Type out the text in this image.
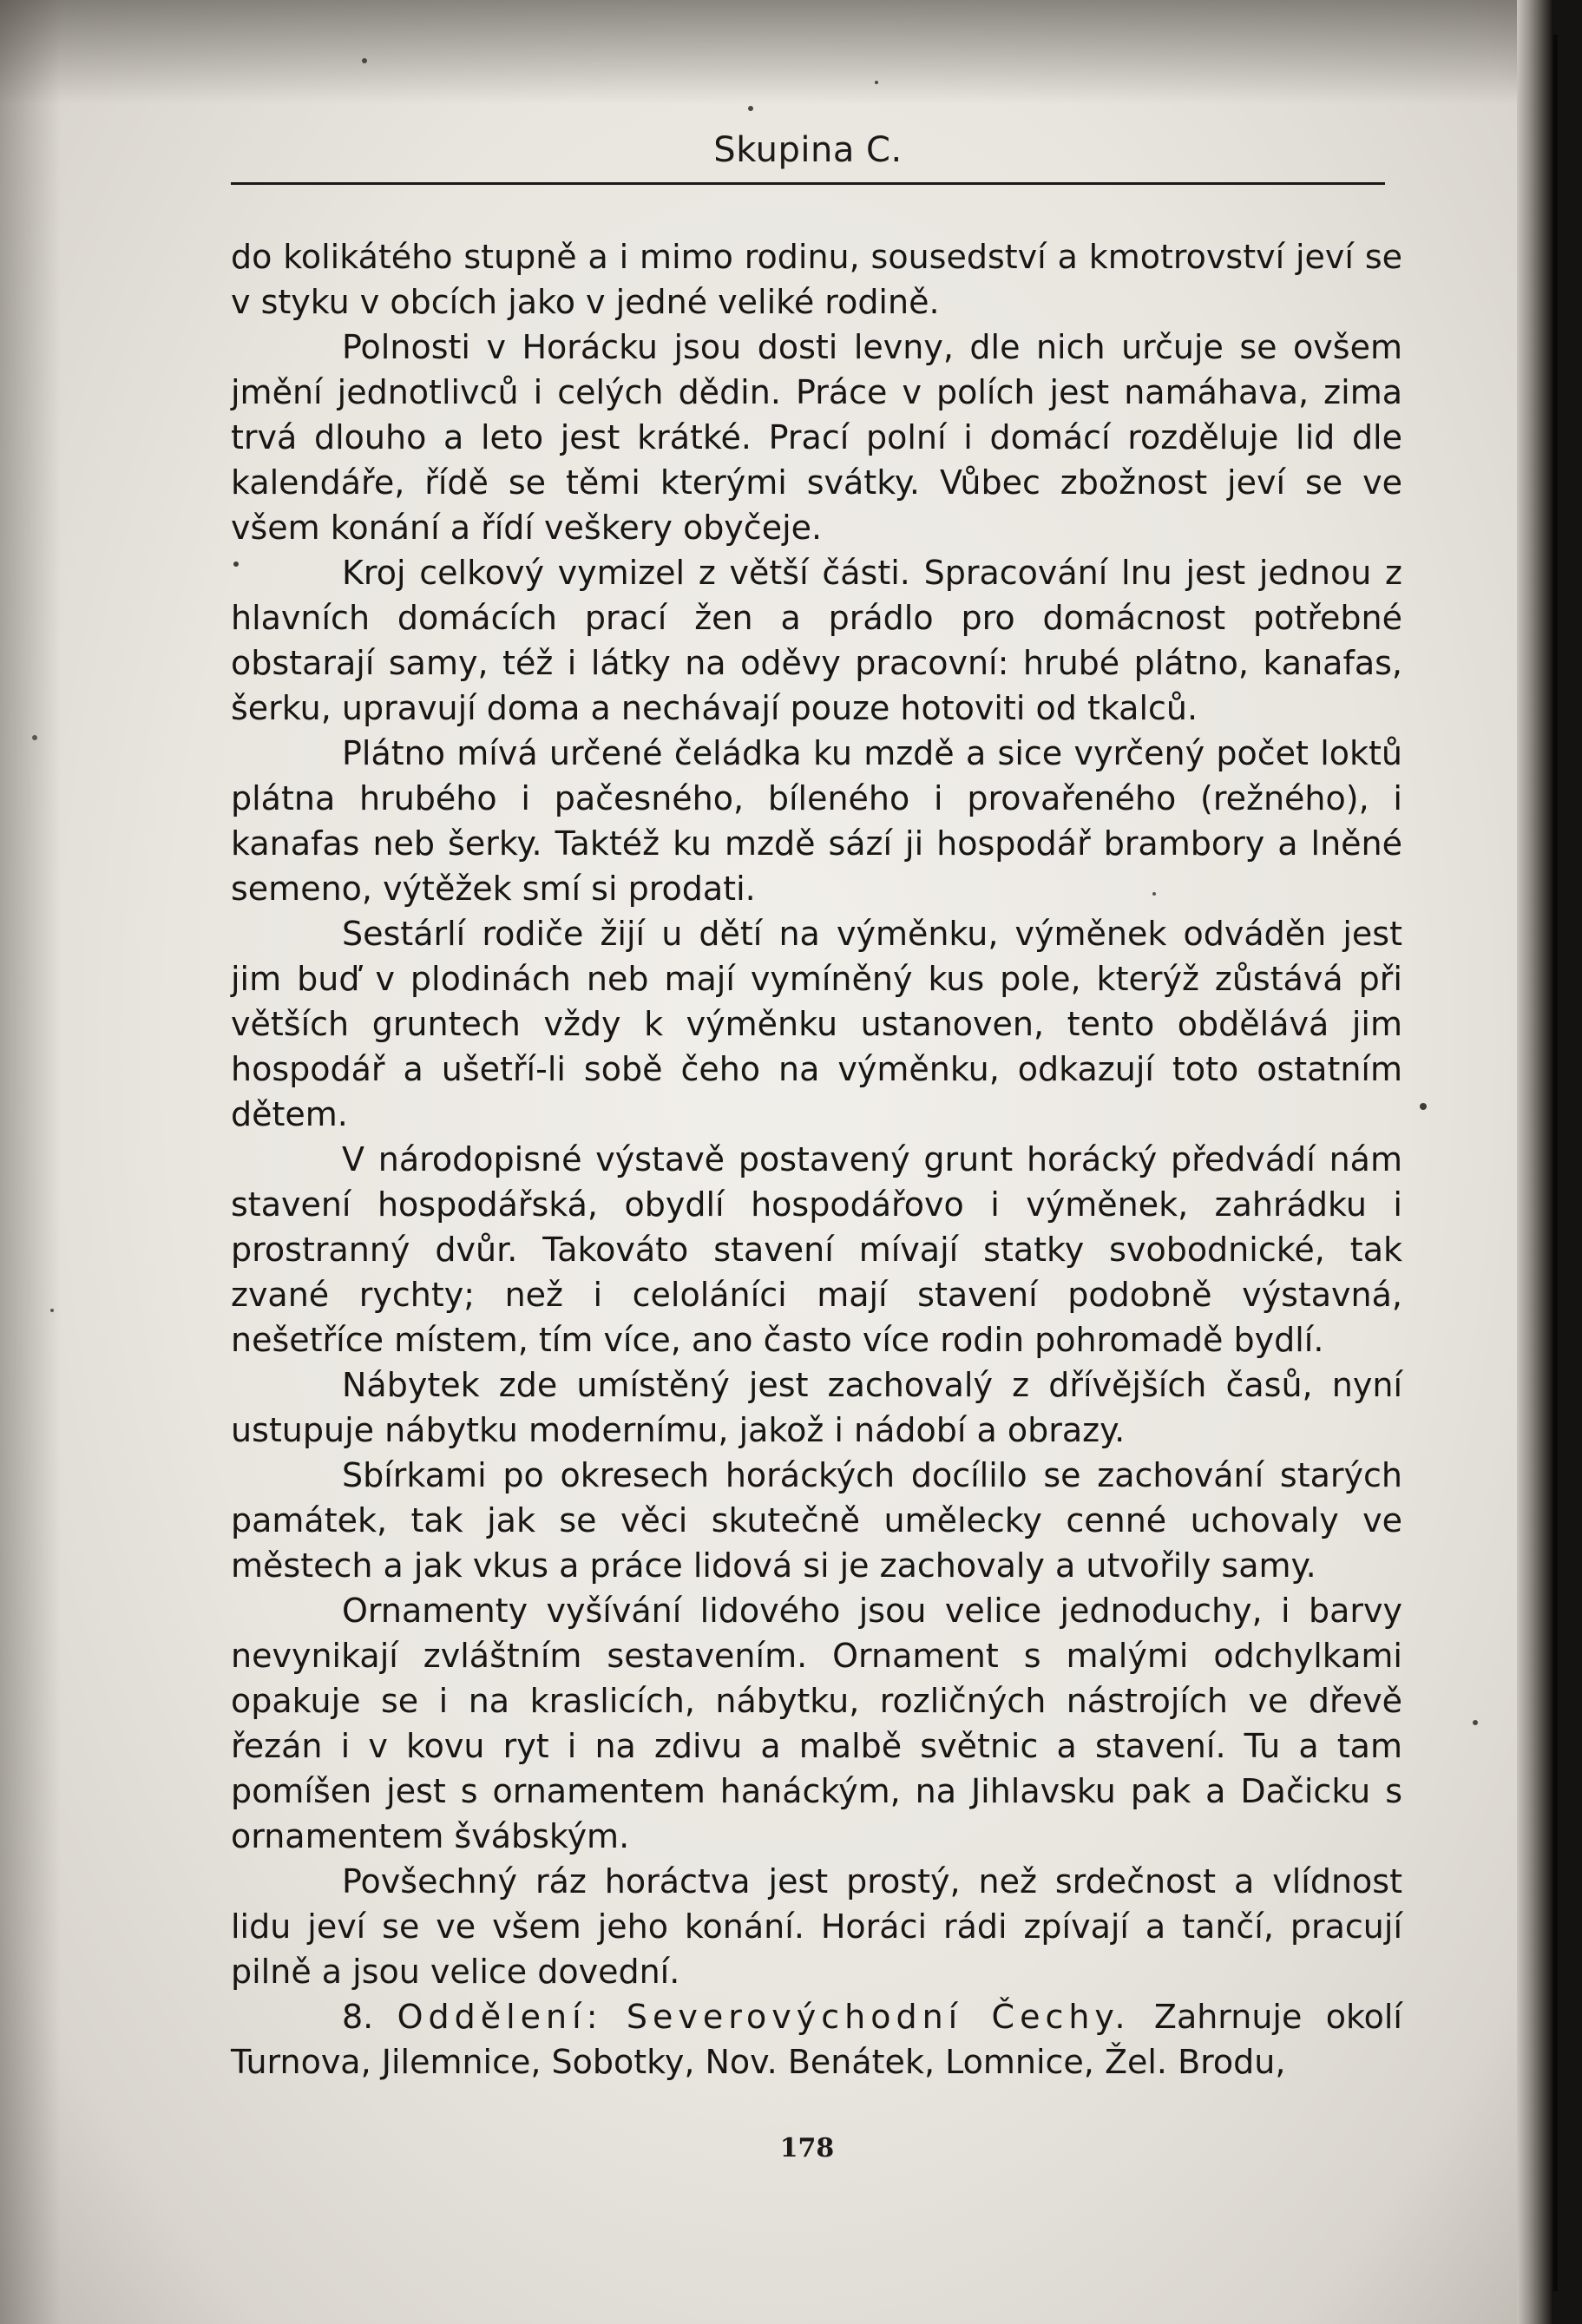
Skupina C.

do kolikátého stupně a i mimo rodinu, sousedství a kmotrovství jeví se v styku v obcích jako v jedné veliké rodině.

Polnosti v Horácku jsou dosti levny, dle nich určuje se ovšem jmění jednotlivců i celých dědin. Práce v polích jest namáhava, zima trvá dlouho a leto jest krátké. Prací polní i domácí rozděluje lid dle kalendáře, řídě se těmi kterými svátky. Vůbec zbožnost jeví se ve všem konání a řídí veškery obyčeje.

Kroj celkový vymizel z větší části. Spracování lnu jest jednou z hlavních domácích prací žen a prádlo pro domácnost potřebné obstarají samy, též i látky na oděvy pracovní: hrubé plátno, kanafas, šerku, upravují doma a nechávají pouze hotoviti od tkalců.

Plátno mívá určené čeládka ku mzdě a sice vyrčený počet loktů plátna hrubého i pačesného, bíleného i provařeného (režného), i kanafas neb šerky. Taktéž ku mzdě sází ji hospodář brambory a lněné semeno, výtěžek smí si prodati.

Sestárlí rodiče žijí u dětí na výměnku, výměnek odváděn jest jim buď v plodinách neb mají vymíněný kus pole, kterýž zůstává při větších gruntech vždy k výměnku ustanoven, tento obdělává jim hospodář a ušetří-li sobě čeho na výměnku, odkazují toto ostatním dětem.

V národopisné výstavě postavený grunt horácký předvádí nám stavení hospodářská, obydlí hospodářovo i výměnek, zahrádku i prostranný dvůr. Takováto stavení mívají statky svobodnické, tak zvané rychty; než i celoláníci mají stavení podobně výstavná, nešetříce místem, tím více, ano často více rodin pohromadě bydlí.

Nábytek zde umístěný jest zachovalý z dřívějších časů, nyní ustupuje nábytku modernímu, jakož i nádobí a obrazy.

Sbírkami po okresech horáckých docílilo se zachování starých památek, tak jak se věci skutečně umělecky cenné uchovaly ve městech a jak vkus a práce lidová si je zachovaly a utvořily samy.

Ornamenty vyšívání lidového jsou velice jednoduchy, i barvy nevynikají zvláštním sestavením. Ornament s malými odchylkami opakuje se i na kraslicích, nábytku, rozličných nástrojích ve dřevě řezán i v kovu ryt i na zdivu a malbě světnic a stavení. Tu a tam pomíšen jest s ornamentem hanáckým, na Jihlavsku pak a Dačicku s ornamentem švábským.

Povšechný ráz horáctva jest prostý, než srdečnost a vlídnost lidu jeví se ve všem jeho konání. Horáci rádi zpívají a tančí, pracují pilně a jsou velice dovední.

8. Oddělení: Severovýchodní Čechy. Zahrnuje okolí Turnova, Jilemnice, Sobotky, Nov. Benátek, Lomnice, Žel. Brodu,

178
